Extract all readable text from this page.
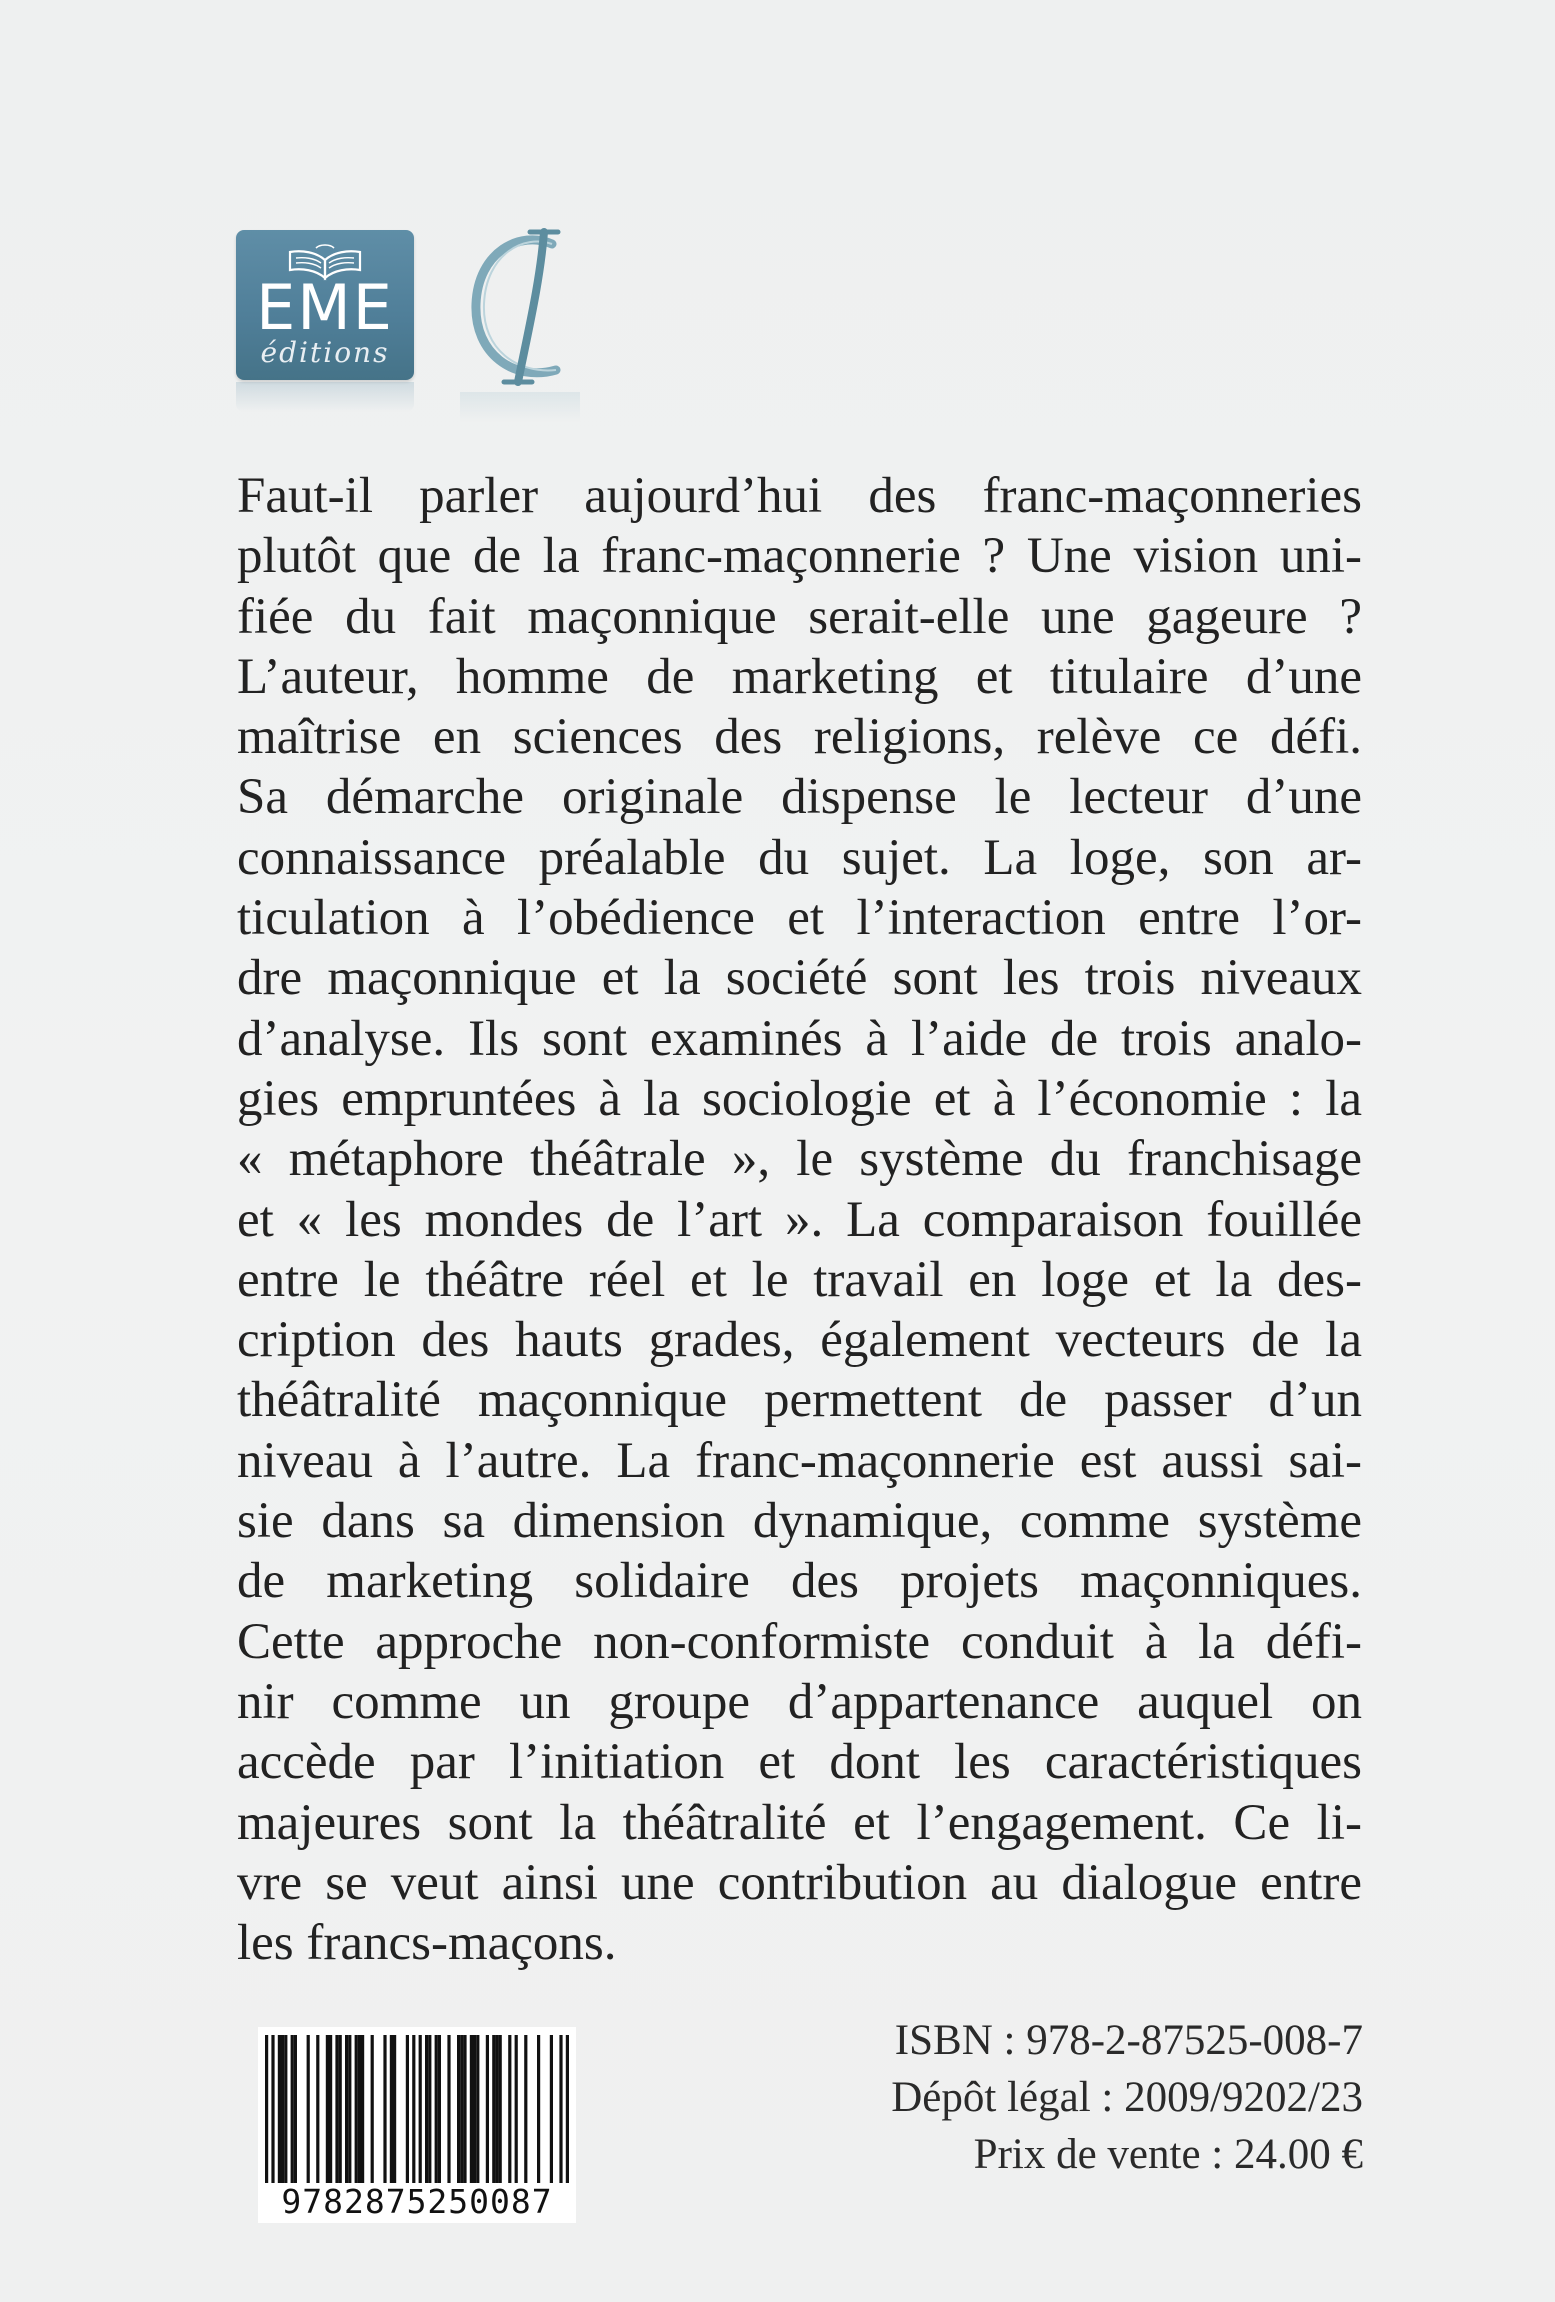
EME
éditions
Faut-il parler aujourd’hui des franc-maçonneries
plutôt que de la franc-maçonnerie ? Une vision uni-
fiée du fait maçonnique serait-elle une gageure ?
L’auteur, homme de marketing et titulaire d’une
maîtrise en sciences des religions, relève ce défi.
Sa démarche originale dispense le lecteur d’une
connaissance préalable du sujet. La loge, son ar-
ticulation à l’obédience et l’interaction entre l’or-
dre maçonnique et la société sont les trois niveaux
d’analyse. Ils sont examinés à l’aide de trois analo-
gies empruntées à la sociologie et à l’économie : la
« métaphore théâtrale », le système du franchisage
et « les mondes de l’art ». La comparaison fouillée
entre le théâtre réel et le travail en loge et la des-
cription des hauts grades, également vecteurs de la
théâtralité maçonnique permettent de passer d’un
niveau à l’autre. La franc-maçonnerie est aussi sai-
sie dans sa dimension dynamique, comme système
de marketing solidaire des projets maçonniques.
Cette approche non-conformiste conduit à la défi-
nir comme un groupe d’appartenance auquel on
accède par l’initiation et dont les caractéristiques
majeures sont la théâtralité et l’engagement. Ce li-
vre se veut ainsi une contribution au dialogue entre
les francs-maçons.
9782875250087
ISBN : 978-2-87525-008-7
Dépôt légal : 2009/9202/23
Prix de vente : 24.00 €
